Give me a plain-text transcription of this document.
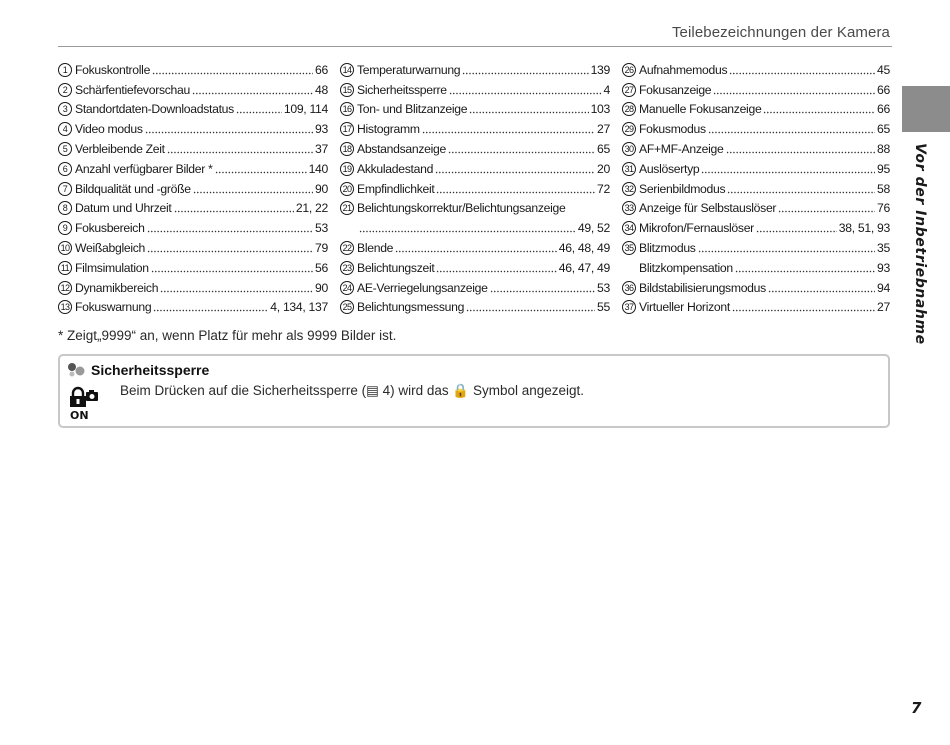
Teilebezeichnungen der Kamera
Vor der Inbetriebnahme
1 Fokuskontrolle	66
2 Schärfentiefevorschau	48
3 Standortdaten-Downloadstatus	109, 114
4 Video modus	93
5 Verbleibende Zeit	37
6 Anzahl verfügbarer Bilder *	140
7 Bildqualität und -größe	90
8 Datum und Uhrzeit	21, 22
9 Fokusbereich	53
10 Weißabgleich	79
11 Filmsimulation	56
12 Dynamikbereich	90
13 Fokuswarnung	4, 134, 137
14 Temperaturwarnung	139
15 Sicherheitssperre	4
16 Ton- und Blitzanzeige	103
17 Histogramm	27
18 Abstandsanzeige	65
19 Akkuladestand	20
20 Empfindlichkeit	72
21 Belichtungskorrektur/Belichtungsanzeige
49, 52
22 Blende	46, 48, 49
23 Belichtungszeit	46, 47, 49
24 AE-Verriegelungsanzeige	53
25 Belichtungsmessung	55
26 Aufnahmemodus	45
27 Fokusanzeige	66
28 Manuelle Fokusanzeige	66
29 Fokusmodus	65
30 AF+MF-Anzeige	88
31 Auslösertyp	95
32 Serienbildmodus	58
33 Anzeige für Selbstauslöser	76
34 Mikrofon/Fernauslöser	38, 51, 93
35 Blitzmodus	35
Blitzkompensation	93
36 Bildstabilisierungsmodus	94
37 Virtueller Horizont	27
* Zeigt„9999“ an, wenn Platz für mehr als 9999 Bilder ist.
Sicherheitssperre
ON
Beim Drücken auf die Sicherheitssperre (▤ 4) wird das 🔒 Symbol angezeigt.
7
